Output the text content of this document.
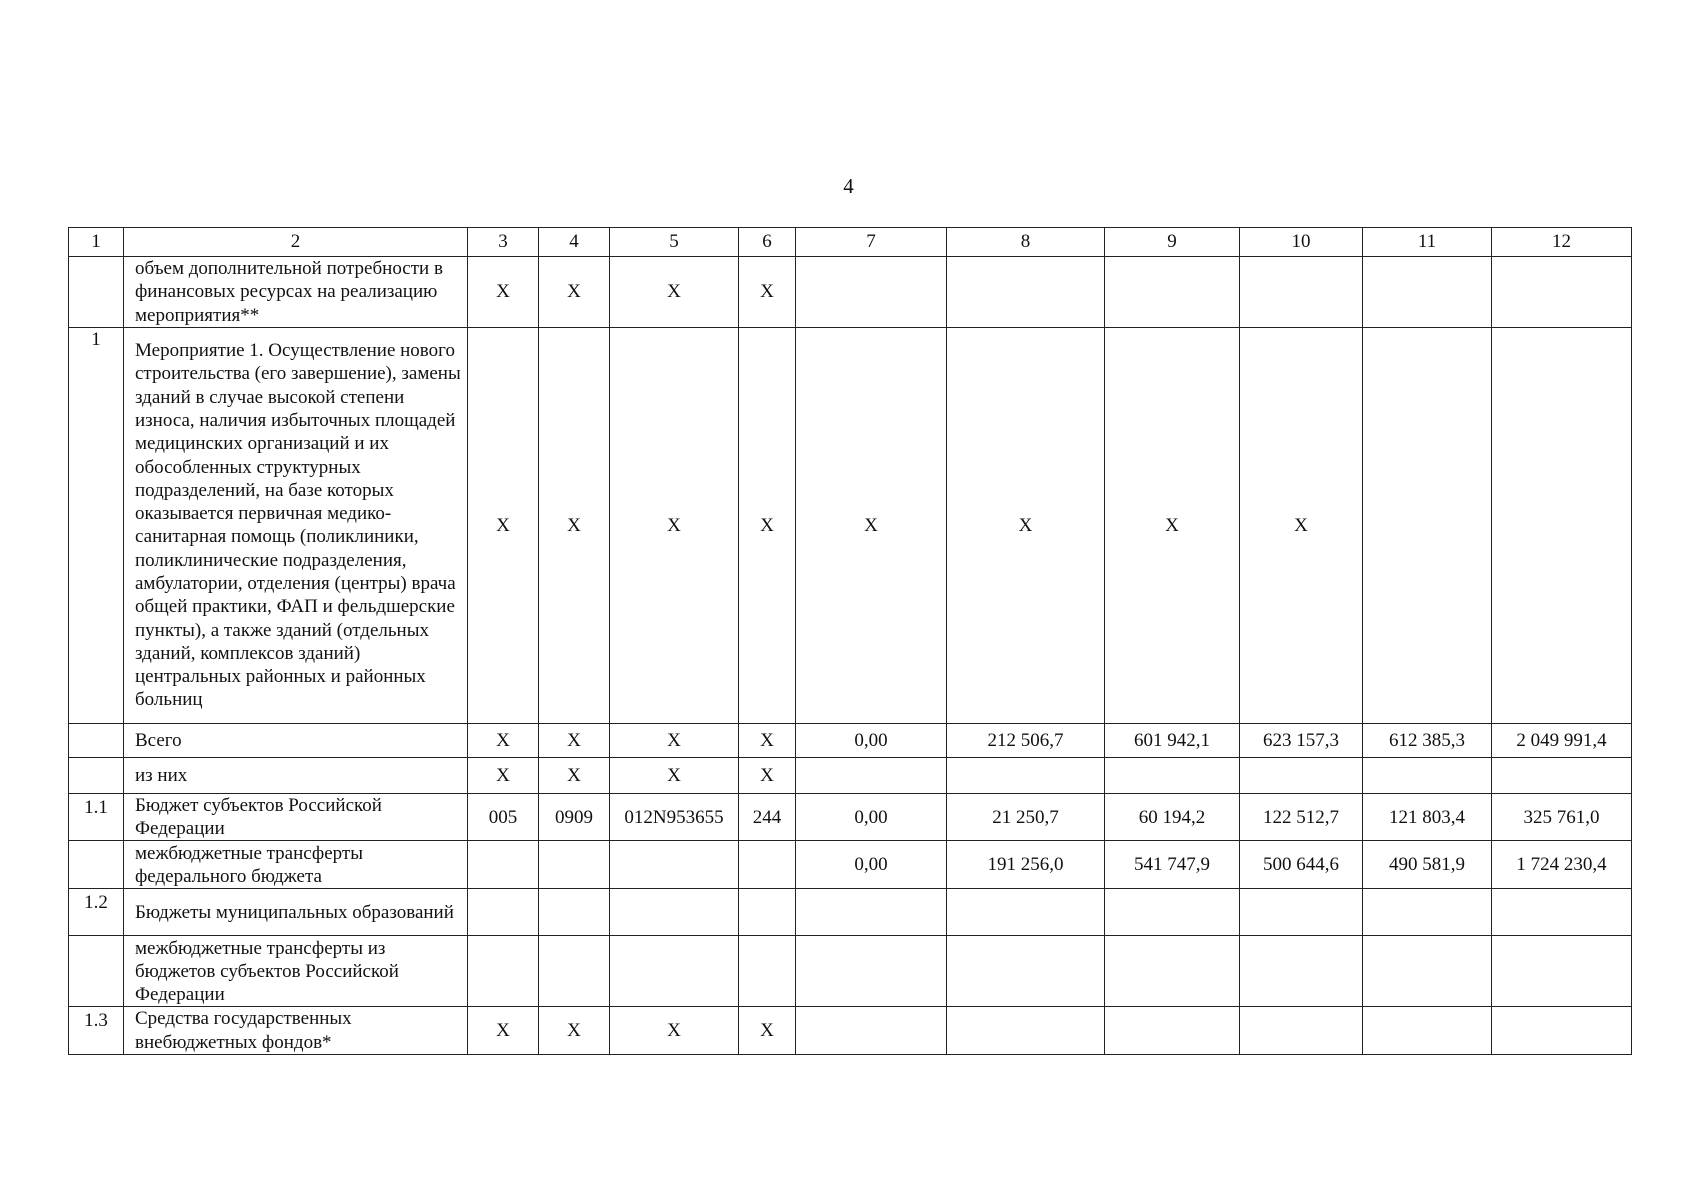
4
1	2	3	4	5	6	7	8	9	10	11	12
	объем дополнительной потребности в финансовых ресурсах на реализацию мероприятия**	X	X	X	X						
1	Мероприятие 1. Осуществление нового строительства (его завершение), замены зданий в случае высокой степени износа, наличия избыточных площадей медицинских организаций и их обособленных структурных подразделений, на базе которых оказывается первичная медико-санитарная помощь (поликлиники, поликлинические подразделения, амбулатории, отделения (центры) врача общей практики, ФАП и фельдшерские пункты), а также зданий (отдельных зданий, комплексов зданий) центральных районных и районных больниц	X	X	X	X	X	X	X	X		
	Всего	X	X	X	X	0,00	212 506,7	601 942,1	623 157,3	612 385,3	2 049 991,4
	из них	X	X	X	X						
1.1	Бюджет субъектов Российской Федерации	005	0909	012N953655	244	0,00	21 250,7	60 194,2	122 512,7	121 803,4	325 761,0
	межбюджетные трансферты федерального бюджета					0,00	191 256,0	541 747,9	500 644,6	490 581,9	1 724 230,4
1.2	Бюджеты муниципальных образований										
	межбюджетные трансферты из бюджетов субъектов Российской Федерации										
1.3	Средства государственных внебюджетных фондов*	X	X	X	X						
